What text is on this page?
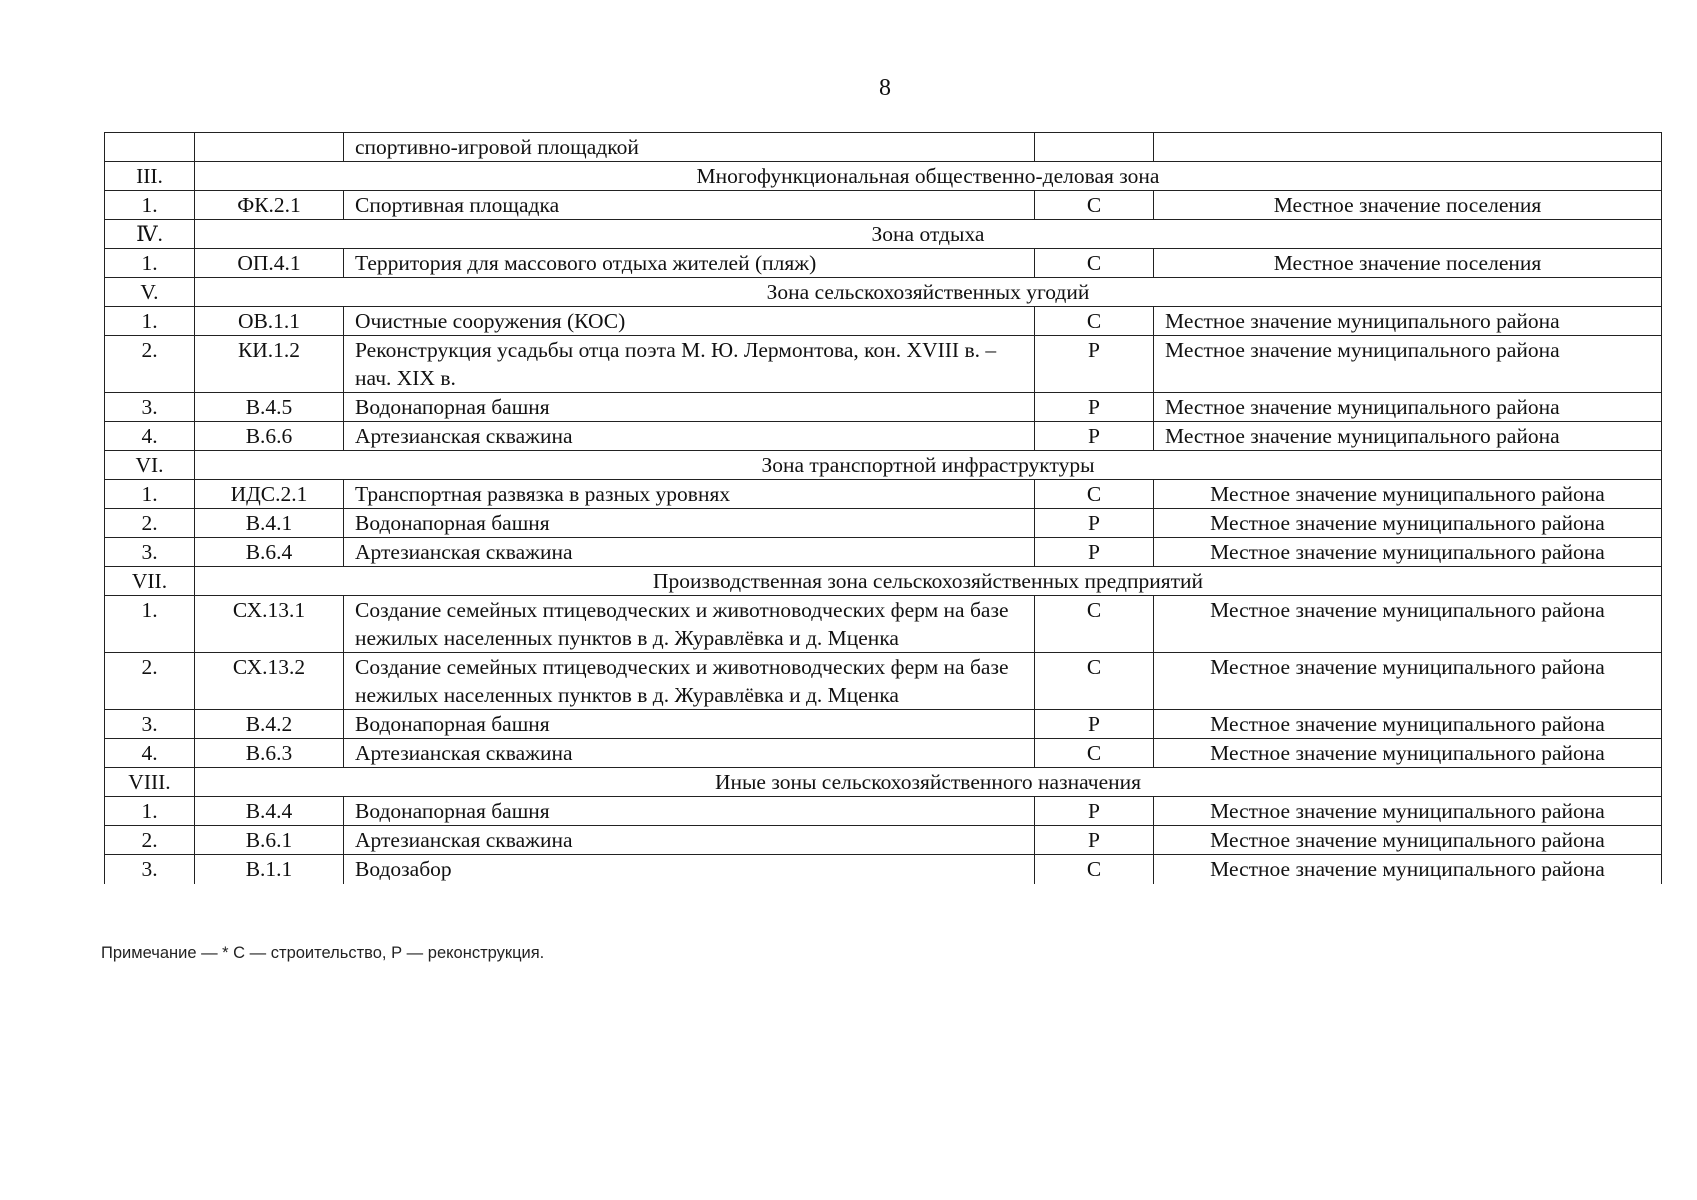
8
		спортивно-игровой площадкой		
III.	Многофункциональная общественно-деловая зона			
1.	ФК.2.1	Спортивная площадка	С	Местное значение поселения
Ⅳ.	Зона отдыха			
1.	ОП.4.1	Территория для массового отдыха жителей (пляж)	С	Местное значение поселения
V.	Зона сельскохозяйственных угодий			
1.	ОВ.1.1	Очистные сооружения (КОС)	С	Местное значение муниципального района
2.	КИ.1.2	Реконструкция усадьбы отца поэта М. Ю. Лермонтова, кон. XVIII в. – нач. XIX в.	Р	Местное значение муниципального района
3.	В.4.5	Водонапорная башня	Р	Местное значение муниципального района
4.	В.6.6	Артезианская скважина	Р	Местное значение муниципального района
VI.	Зона транспортной инфраструктуры			
1.	ИДС.2.1	Транспортная развязка в разных уровнях	С	Местное значение муниципального района
2.	В.4.1	Водонапорная башня	Р	Местное значение муниципального района
3.	В.6.4	Артезианская скважина	Р	Местное значение муниципального района
VII.	Производственная зона сельскохозяйственных предприятий			
1.	СХ.13.1	Создание семейных птицеводческих и животноводческих ферм на базе нежилых населенных пунктов в д. Журавлёвка и д. Мценка	С	Местное значение муниципального района
2.	СХ.13.2	Создание семейных птицеводческих и животноводческих ферм на базе нежилых населенных пунктов в д. Журавлёвка и д. Мценка	С	Местное значение муниципального района
3.	В.4.2	Водонапорная башня	Р	Местное значение муниципального района
4.	В.6.3	Артезианская скважина	С	Местное значение муниципального района
VIII.	Иные зоны сельскохозяйственного назначения			
1.	В.4.4	Водонапорная башня	Р	Местное значение муниципального района
2.	В.6.1	Артезианская скважина	Р	Местное значение муниципального района
3.	В.1.1	Водозабор	С	Местное значение муниципального района
Примечание — * С — строительство, Р — реконструкция.
